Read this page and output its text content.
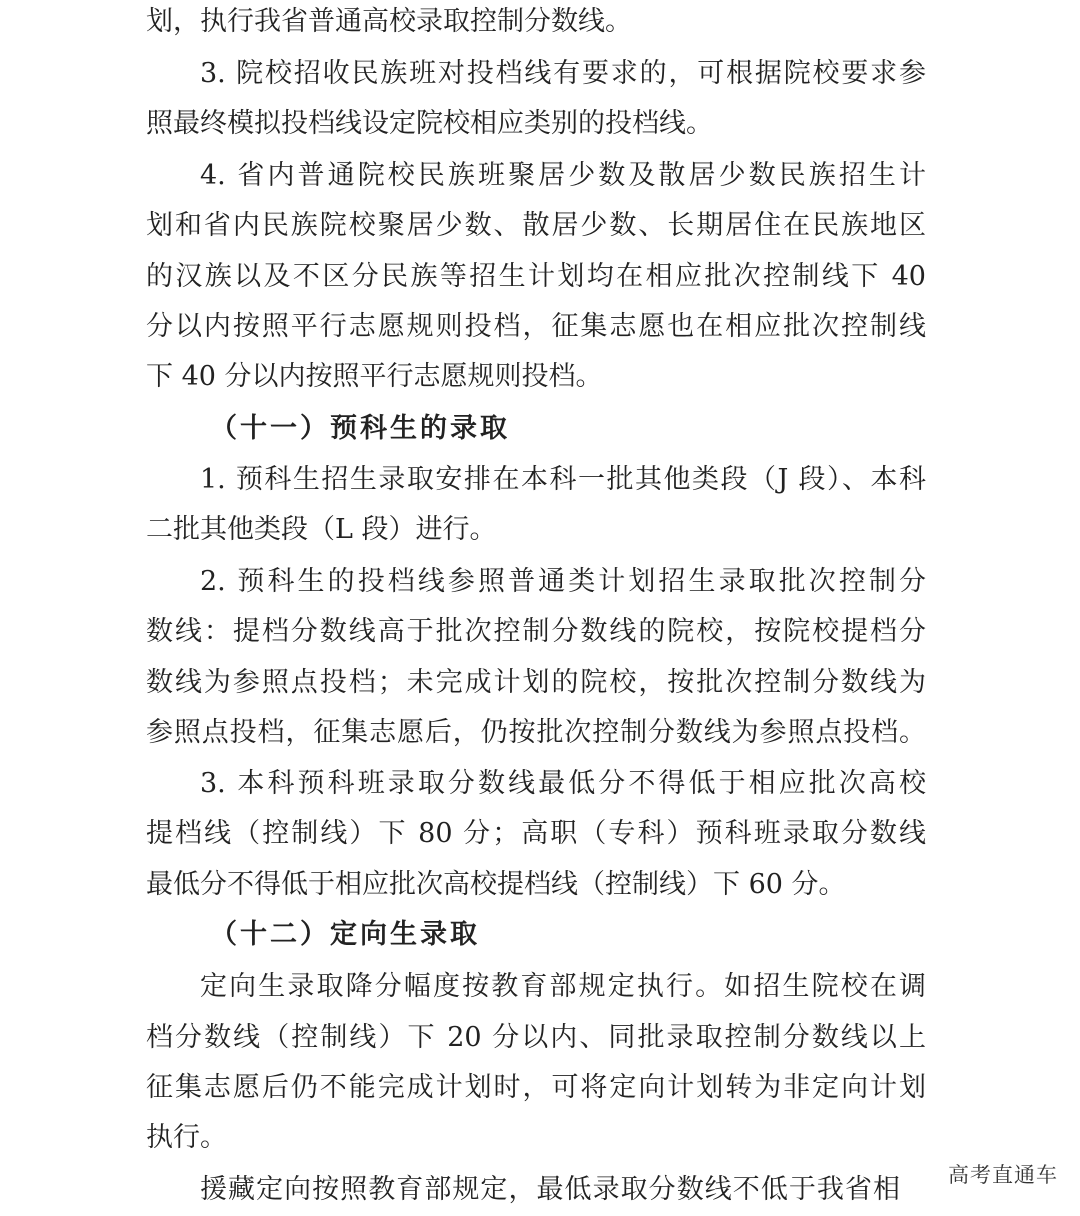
划，执行我省普通高校录取控制分数线。
3. 院校招收民族班对投档线有要求的，可根据院校要求参
照最终模拟投档线设定院校相应类别的投档线。
4. 省内普通院校民族班聚居少数及散居少数民族招生计
划和省内民族院校聚居少数、散居少数、长期居住在民族地区
的汉族以及不区分民族等招生计划均在相应批次控制线下 40
分以内按照平行志愿规则投档，征集志愿也在相应批次控制线
下 40 分以内按照平行志愿规则投档。
（十一）预科生的录取
1. 预科生招生录取安排在本科一批其他类段（J 段）、本科
二批其他类段（L 段）进行。
2. 预科生的投档线参照普通类计划招生录取批次控制分
数线：提档分数线高于批次控制分数线的院校，按院校提档分
数线为参照点投档；未完成计划的院校，按批次控制分数线为
参照点投档，征集志愿后，仍按批次控制分数线为参照点投档。
3. 本科预科班录取分数线最低分不得低于相应批次高校
提档线（控制线）下 80 分；高职（专科）预科班录取分数线
最低分不得低于相应批次高校提档线（控制线）下 60 分。
（十二）定向生录取
定向生录取降分幅度按教育部规定执行。如招生院校在调
档分数线（控制线）下 20 分以内、同批录取控制分数线以上
征集志愿后仍不能完成计划时，可将定向计划转为非定向计划
执行。
援藏定向按照教育部规定，最低录取分数线不低于我省相 高考直通车
